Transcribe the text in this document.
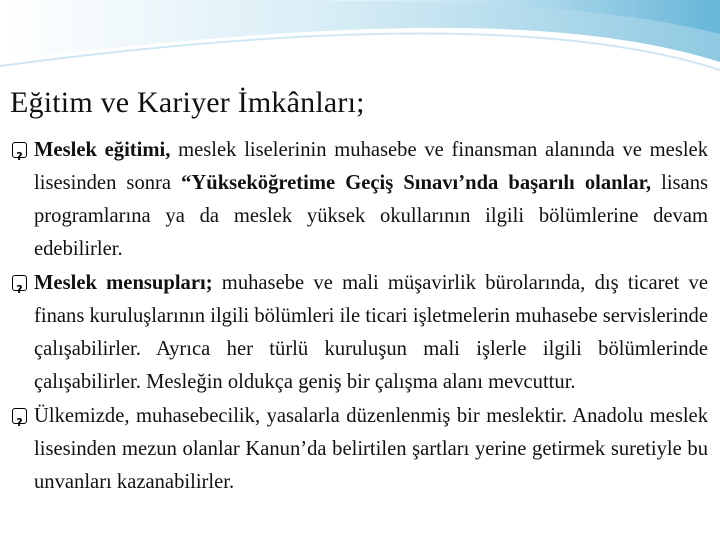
Eğitim ve Kariyer İmkânları;

?
Meslek eğitimi, meslek liselerinin muhasebe ve finansman alanında ve meslek lisesinden sonra “Yükseköğretime Geçiş Sınavı’nda başarılı olanlar, lisans programlarına ya da meslek yüksek okullarının ilgili bölümlerine devam edebilirler.

?
Meslek mensupları; muhasebe ve mali müşavirlik bürolarında, dış ticaret ve finans kuruluşlarının ilgili bölümleri ile ticari işletmelerin muhasebe servislerinde çalışabilirler. Ayrıca her türlü kuruluşun mali işlerle ilgili bölümlerinde çalışabilirler. Mesleğin oldukça geniş bir çalışma alanı mevcuttur.

?
Ülkemizde, muhasebecilik, yasalarla düzenlenmiş bir meslektir. Anadolu meslek lisesinden mezun olanlar Kanun’da belirtilen şartları yerine getirmek suretiyle bu unvanları kazanabilirler.
